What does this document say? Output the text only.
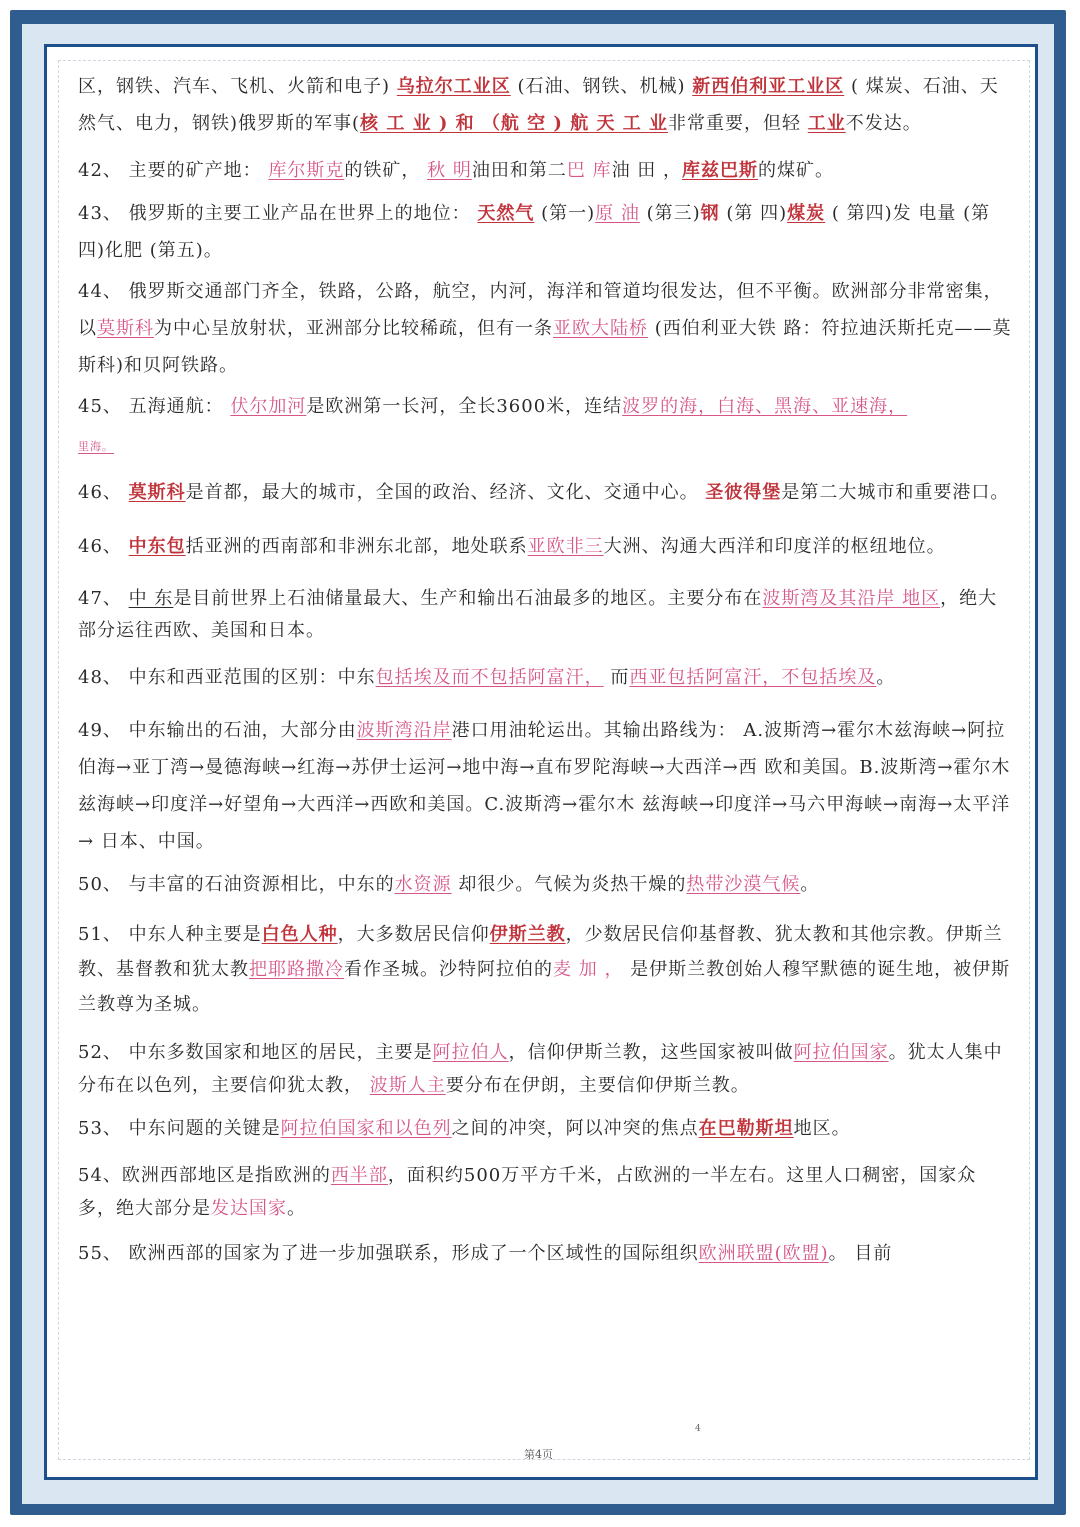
区，钢铁、汽车、飞机、火箭和电子) 乌拉尔工业区 (石油、钢铁、机械) 新西伯利亚工业区 ( 煤炭、石油、天然气、电力，钢铁)俄罗斯的军事(核 工 业 ) 和 （航 空 ) 航 天 工 业非常重要，但轻 工业不发达。

42、 主要的矿产地： 库尔斯克的铁矿， 秋 明油田和第二巴 库油 田 ，库兹巴斯的煤矿。

43、 俄罗斯的主要工业产品在世界上的地位： 天然气 (第一)原 油 (第三)钢 (第 四)煤炭 ( 第四)发 电量 (第四)化肥 (第五)。

44、 俄罗斯交通部门齐全，铁路，公路，航空，内河，海洋和管道均很发达，但不平衡。欧洲部分非常密集，以莫斯科为中心呈放射状，亚洲部分比较稀疏，但有一条亚欧大陆桥 (西伯利亚大铁 路：符拉迪沃斯托克——莫斯科)和贝阿铁路。

45、 五海通航： 伏尔加河是欧洲第一长河，全长3600米，连结波罗的海，白海、黑海、亚速海，

里海。

46、 莫斯科是首都，最大的城市，全国的政治、经济、文化、交通中心。 圣彼得堡是第二大城市和重要港口。

46、 中东包括亚洲的西南部和非洲东北部，地处联系亚欧非三大洲、沟通大西洋和印度洋的枢纽地位。

47、 中 东是目前世界上石油储量最大、生产和输出石油最多的地区。主要分布在波斯湾及其沿岸 地区，绝大部分运往西欧、美国和日本。

48、 中东和西亚范围的区别：中东包括埃及而不包括阿富汗， 而西亚包括阿富汗，不包括埃及。

49、 中东输出的石油，大部分由波斯湾沿岸港口用油轮运出。其输出路线为： A.波斯湾→霍尔木兹海峡→阿拉伯海→亚丁湾→曼德海峡→红海→苏伊士运河→地中海→直布罗陀海峡→大西洋→西 欧和美国。B.波斯湾→霍尔木兹海峡→印度洋→好望角→大西洋→西欧和美国。C.波斯湾→霍尔木 兹海峡→印度洋→马六甲海峡→南海→太平洋→ 日本、中国。

50、 与丰富的石油资源相比，中东的水资源 却很少。气候为炎热干燥的热带沙漠气候。

51、 中东人种主要是白色人种，大多数居民信仰伊斯兰教，少数居民信仰基督教、犹太教和其他宗教。伊斯兰教、基督教和犹太教把耶路撒冷看作圣城。沙特阿拉伯的麦 加 ， 是伊斯兰教创始人穆罕默德的诞生地，被伊斯兰教尊为圣城。

52、 中东多数国家和地区的居民，主要是阿拉伯人，信仰伊斯兰教，这些国家被叫做阿拉伯国家。犹太人集中分布在以色列，主要信仰犹太教， 波斯人主要分布在伊朗，主要信仰伊斯兰教。

53、 中东问题的关键是阿拉伯国家和以色列之间的冲突，阿以冲突的焦点在巴勒斯坦地区。

54、欧洲西部地区是指欧洲的西半部，面积约500万平方千米，占欧洲的一半左右。这里人口稠密，国家众多，绝大部分是发达国家。

55、 欧洲西部的国家为了进一步加强联系，形成了一个区域性的国际组织欧洲联盟(欧盟)。 目前

4
第4页
